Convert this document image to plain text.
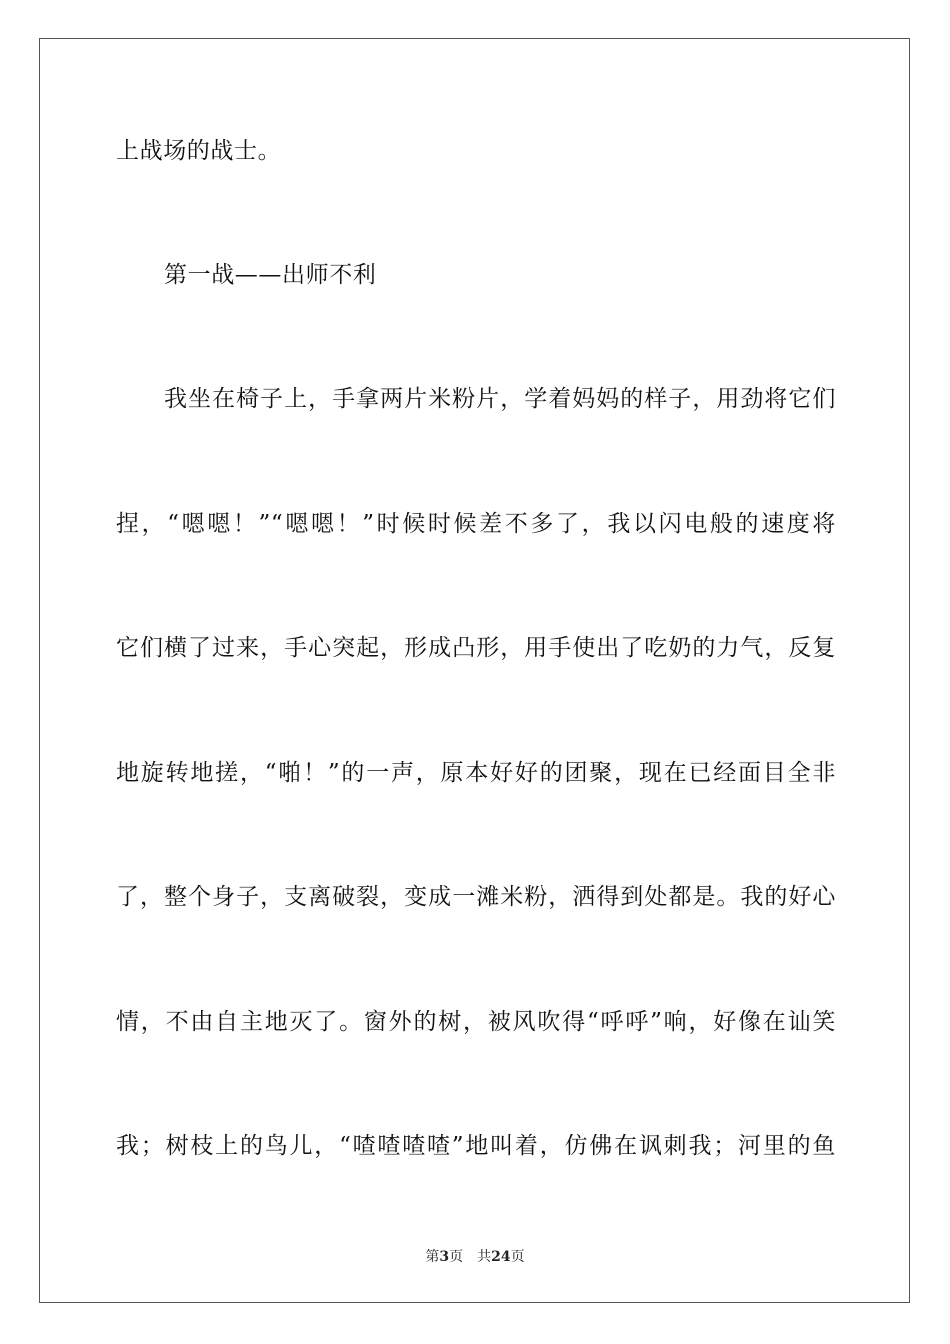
上战场的战士。
第一战——出师不利
我坐在椅子上，手拿两片米粉片，学着妈妈的样子，用劲将它们
捏，“嗯嗯！”“嗯嗯！”时候时候差不多了，我以闪电般的速度将
它们横了过来，手心突起，形成凸形，用手使出了吃奶的力气，反复
地旋转地搓，“啪！”的一声，原本好好的团聚，现在已经面目全非
了，整个身子，支离破裂，变成一滩米粉，洒得到处都是。我的好心
情，不由自主地灭了。窗外的树，被风吹得“呼呼”响，好像在讪笑
我；树枝上的鸟儿，“喳喳喳喳”地叫着，仿佛在讽刺我；河里的鱼
第3页 共24页
